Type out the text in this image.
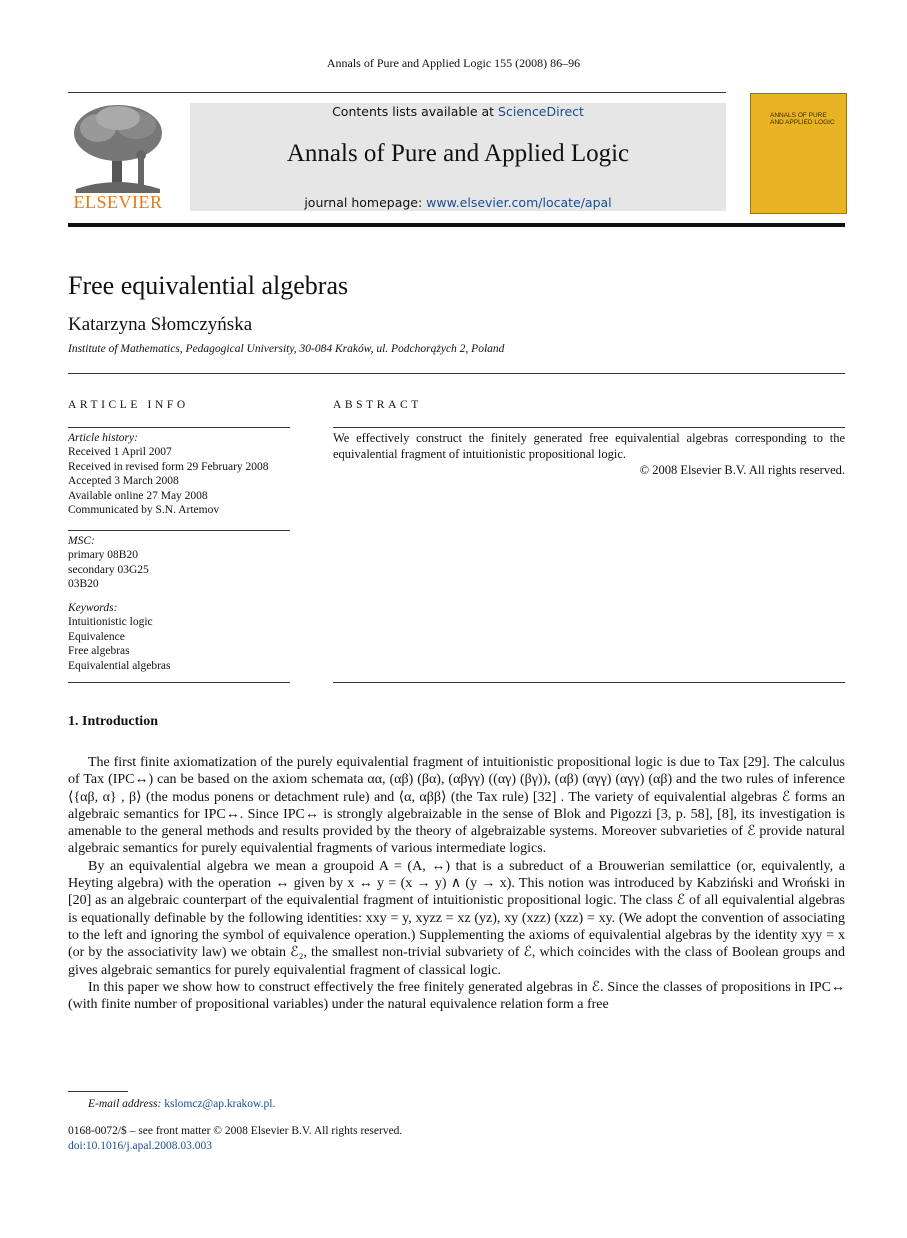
Annals of Pure and Applied Logic 155 (2008) 86–96
ELSEVIER
Contents lists available at ScienceDirect
Annals of Pure and Applied Logic
journal homepage: www.elsevier.com/locate/apal
ANNALS OF PURE AND APPLIED LOGIC
Free equivalential algebras
Katarzyna Słomczyńska
Institute of Mathematics, Pedagogical University, 30-084 Kraków, ul. Podchorążych 2, Poland
ARTICLE INFO
Article history:
Received 1 April 2007
Received in revised form 29 February 2008
Accepted 3 March 2008
Available online 27 May 2008
Communicated by S.N. Artemov
MSC:
primary 08B20
secondary 03G25
03B20
Keywords:
Intuitionistic logic
Equivalence
Free algebras
Equivalential algebras
ABSTRACT
We effectively construct the finitely generated free equivalential algebras corresponding to the equivalential fragment of intuitionistic propositional logic.
© 2008 Elsevier B.V. All rights reserved.
1. Introduction

The first finite axiomatization of the purely equivalential fragment of intuitionistic propositional logic is due to Tax [29]. The calculus of Tax (IPC↔) can be based on the axiom schemata αα, (αβ) (βα), (αβγγ) ((αγ) (βγ)), (αβ) (αγγ) (αγγ) (αβ) and the two rules of inference ⟨{αβ, α} , β⟩ (the modus ponens or detachment rule) and ⟨α, αββ⟩ (the Tax rule) [32] . The variety of equivalential algebras ℰ forms an algebraic semantics for IPC↔. Since IPC↔ is strongly algebraizable in the sense of Blok and Pigozzi [3, p. 58], [8], its investigation is amenable to the general methods and results provided by the theory of algebraizable systems. Moreover subvarieties of ℰ provide natural algebraic semantics for purely equivalential fragments of various intermediate logics.

By an equivalential algebra we mean a groupoid A = (A, ↔) that is a subreduct of a Brouwerian semilattice (or, equivalently, a Heyting algebra) with the operation ↔ given by x ↔ y = (x → y) ∧ (y → x). This notion was introduced by Kabziński and Wroński in [20] as an algebraic counterpart of the equivalential fragment of intuitionistic propositional logic. The class ℰ of all equivalential algebras is equationally definable by the following identities: xxy = y, xyzz = xz (yz), xy (xzz) (xzz) = xy. (We adopt the convention of associating to the left and ignoring the symbol of equivalence operation.) Supplementing the axioms of equivalential algebras by the identity xyy = x (or by the associativity law) we obtain ℰ₂, the smallest non-trivial subvariety of ℰ, which coincides with the class of Boolean groups and gives algebraic semantics for purely equivalential fragment of classical logic.

In this paper we show how to construct effectively the free finitely generated algebras in ℰ. Since the classes of propositions in IPC↔ (with finite number of propositional variables) under the natural equivalence relation form a free

E-mail address: kslomcz@ap.krakow.pl.
0168-0072/$ – see front matter © 2008 Elsevier B.V. All rights reserved.
doi:10.1016/j.apal.2008.03.003
